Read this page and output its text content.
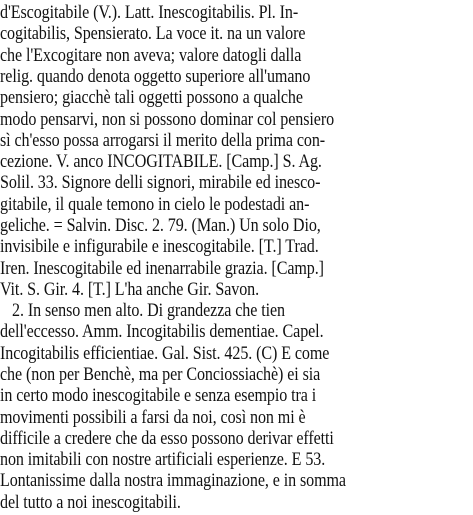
d'Escogitabile (V.). Latt. Inescogitabilis. Pl. In-
cogitabilis, Spensierato. La voce it. na un valore
che l'Excogitare non aveva; valore datogli dalla
relig. quando denota oggetto superiore all'umano
pensiero; giacchè tali oggetti possono a qualche
modo pensarvi, non si possono dominar col pensiero
sì ch'esso possa arrogarsi il merito della prima con-
cezione. V. anco INCOGITABILE. [Camp.] S. Ag.
Solil. 33. Signore delli signori, mirabile ed inesco-
gitabile, il quale temono in cielo le podestadi an-
geliche. = Salvin. Disc. 2. 79. (Man.) Un solo Dio,
invisibile e infigurabile e inescogitabile. [T.] Trad.
Iren. Inescogitabile ed inenarrabile grazia. [Camp.]
Vit. S. Gir. 4. [T.] L'ha anche Gir. Savon.
2. In senso men alto. Di grandezza che tien
dell'eccesso. Amm. Incogitabilis dementiae. Capel.
Incogitabilis efficientiae. Gal. Sist. 425. (C) E come
che (non per Benchè, ma per Conciossiachè) ei sia
in certo modo inescogitabile e senza esempio tra i
movimenti possibili a farsi da noi, così non mi è
difficile a credere che da esso possono derivar effetti
non imitabili con nostre artificiali esperienze. E 53.
Lontanissime dalla nostra immaginazione, e in somma
del tutto a noi inescogitabili.
